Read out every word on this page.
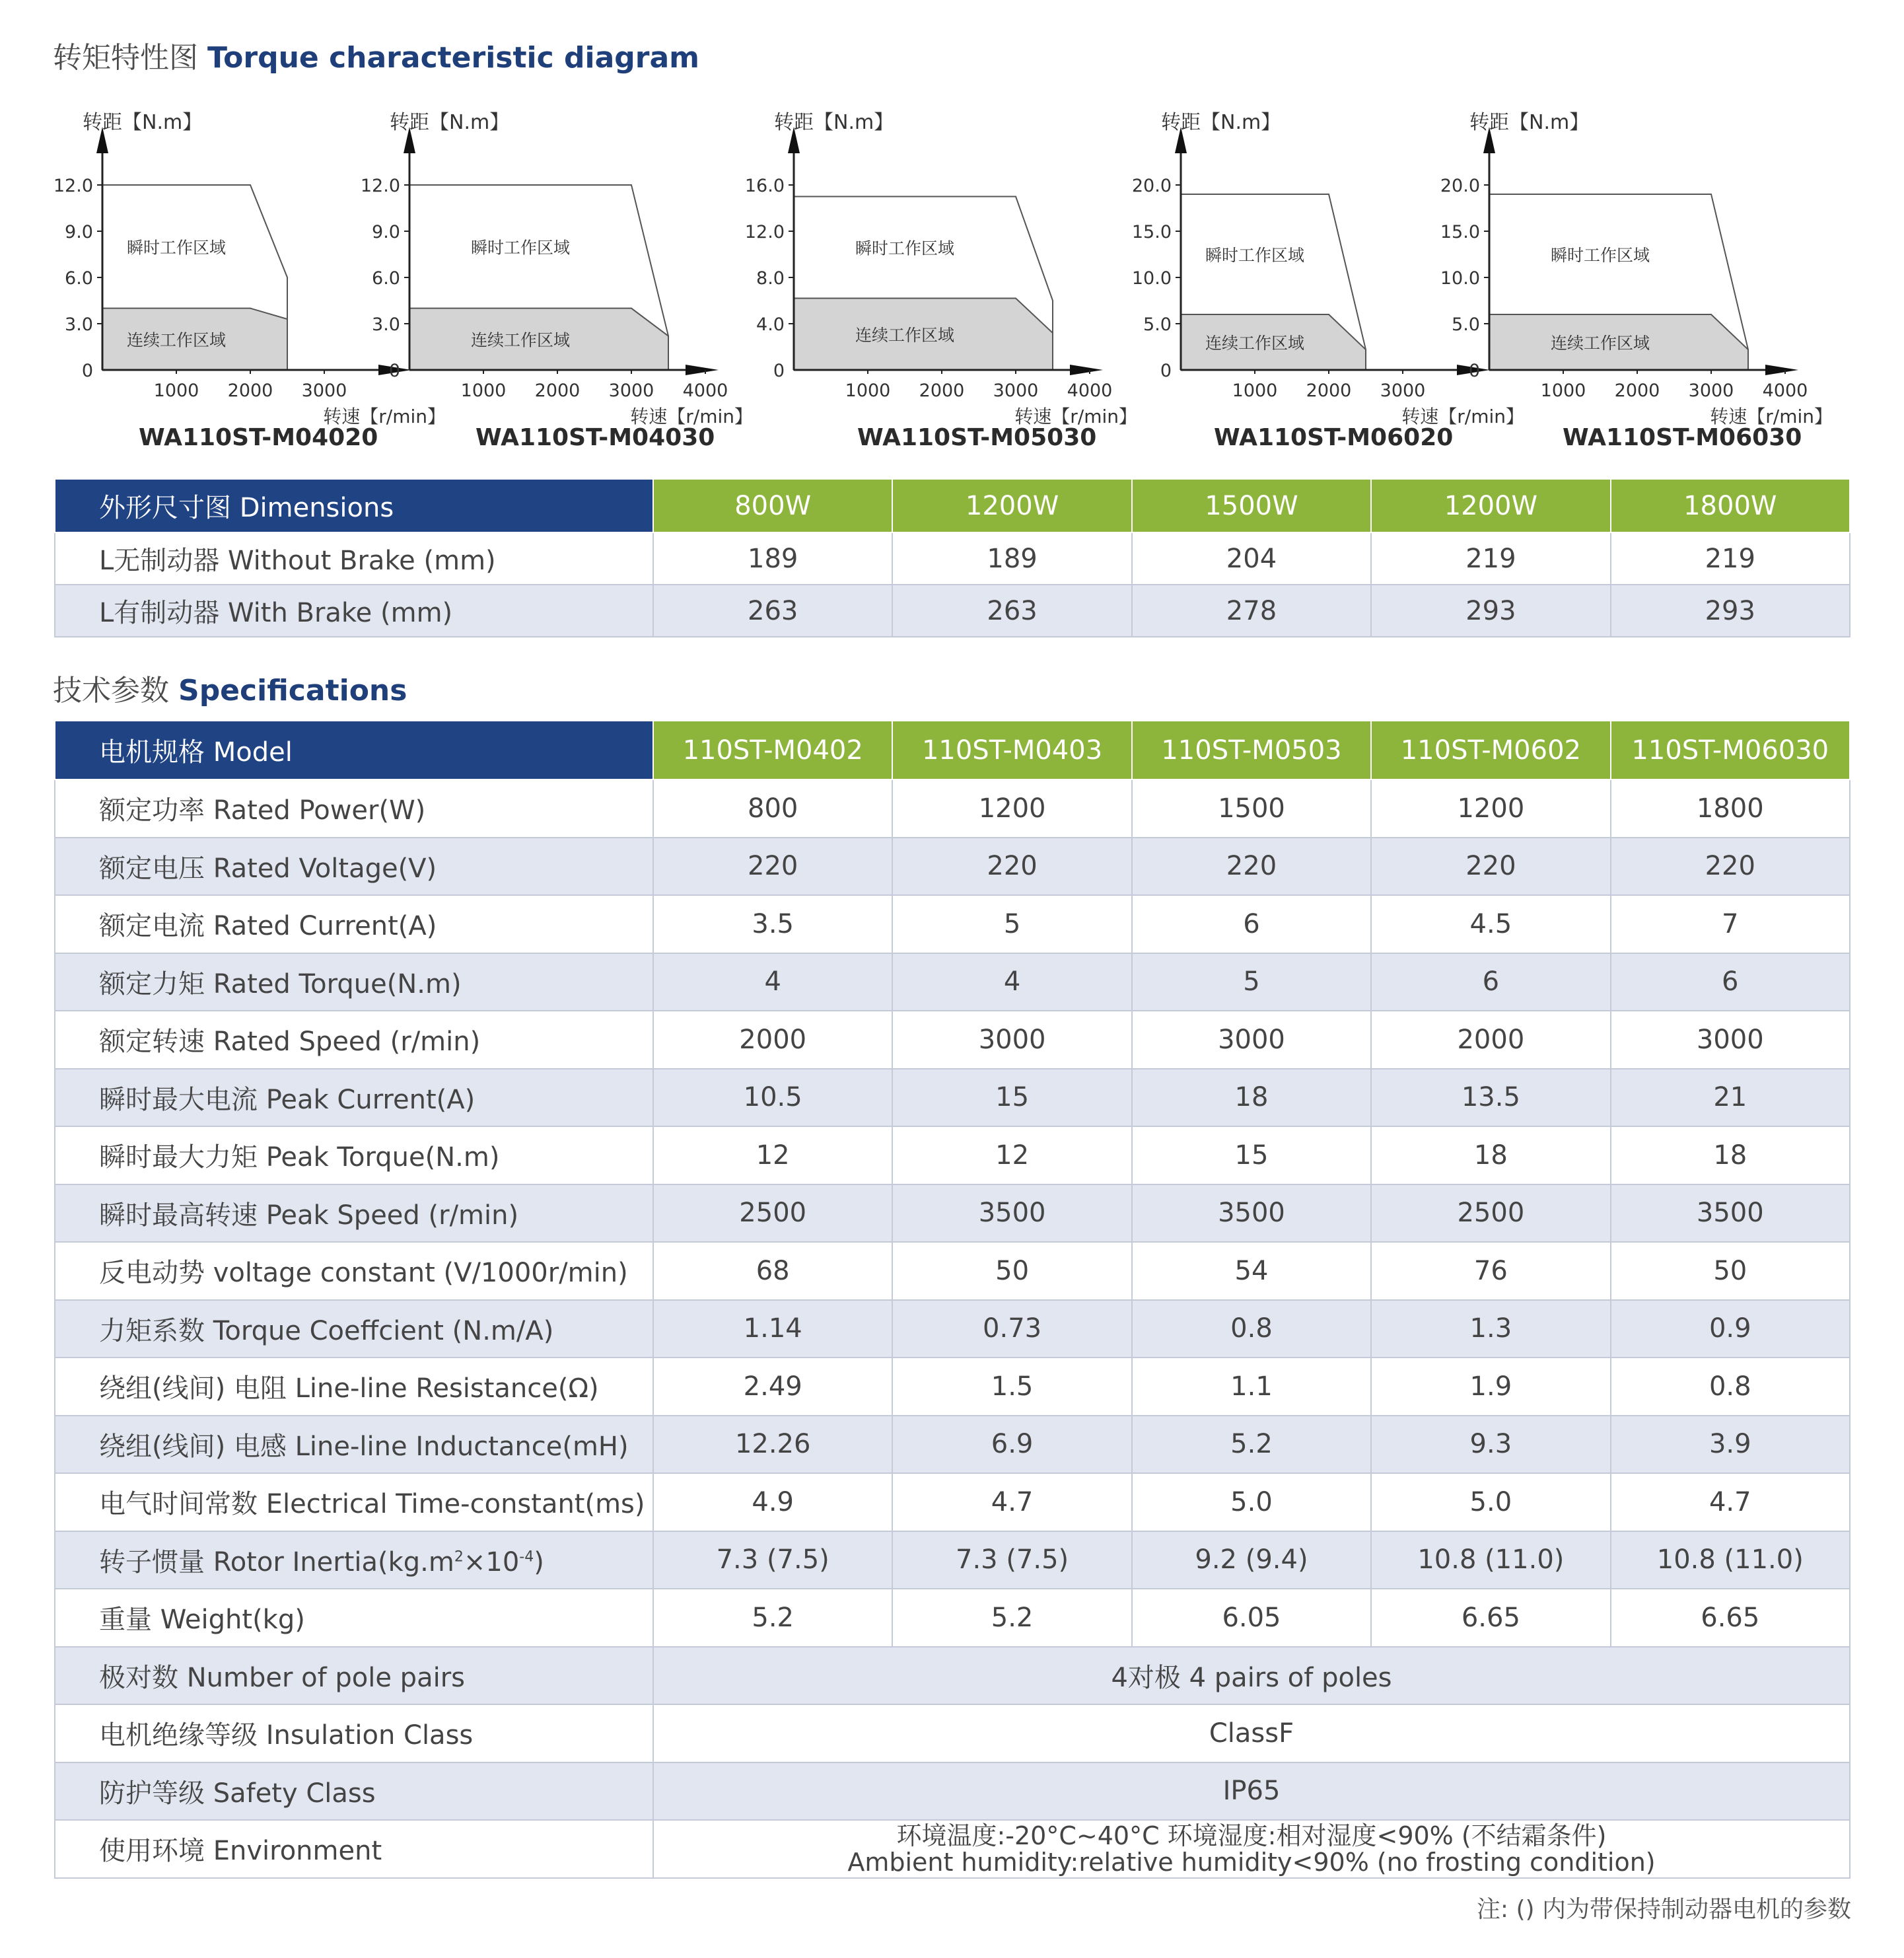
转矩特性图 Torque characteristic diagram
0
3.0
6.0
9.0
12.0
1000 2000 3000
转距【N.m】
转速【r/min】
瞬时工作区域
连续工作区域
WA110ST-M04020
0
3.0
6.0
9.0
12.0
1000 2000 3000 4000
转距【N.m】
转速【r/min】
瞬时工作区域
连续工作区域
WA110ST-M04030
0
4.0
8.0
12.0
16.0
1000 2000 3000 4000
转距【N.m】
转速【r/min】
瞬时工作区域
连续工作区域
WA110ST-M05030
0
5.0
10.0
15.0
20.0
1000 2000 3000
转距【N.m】
转速【r/min】
瞬时工作区域
连续工作区域
WA110ST-M06020
0
5.0
10.0
15.0
20.0
1000 2000 3000 4000
转距【N.m】
转速【r/min】
瞬时工作区域
连续工作区域
WA110ST-M06030
外形尺寸图 Dimensions	800W	1200W	1500W	1200W	1800W
L无制动器 Without Brake (mm)	189	189	204	219	219
L有制动器 With Brake (mm)	263	263	278	293	293
技术参数 Specifications
电机规格 Model	110ST-M0402	110ST-M0403	110ST-M0503	110ST-M0602	110ST-M06030
额定功率 Rated Power(W)	800	1200	1500	1200	1800
额定电压 Rated Voltage(V)	220	220	220	220	220
额定电流 Rated Current(A)	3.5	5	6	4.5	7
额定力矩 Rated Torque(N.m)	4	4	5	6	6
额定转速 Rated Speed (r/min)	2000	3000	3000	2000	3000
瞬时最大电流 Peak Current(A)	10.5	15	18	13.5	21
瞬时最大力矩 Peak Torque(N.m)	12	12	15	18	18
瞬时最高转速 Peak Speed (r/min)	2500	3500	3500	2500	3500
反电动势 voltage constant (V/1000r/min)	68	50	54	76	50
力矩系数 Torque Coeffcient (N.m/A)	1.14	0.73	0.8	1.3	0.9
绕组(线间) 电阻 Line-line Resistance(Ω)	2.49	1.5	1.1	1.9	0.8
绕组(线间) 电感 Line-line Inductance(mH)	12.26	6.9	5.2	9.3	3.9
电气时间常数 Electrical Time-constant(ms)	4.9	4.7	5.0	5.0	4.7
转子惯量 Rotor $Inertia(kg.m^2\times 10^{-4})$	7.3 (7.5)	7.3 (7.5)	9.2 (9.4)	10.8 (11.0)	10.8 (11.0)
重量 Weight(kg)	5.2	5.2	6.05	6.65	6.65
极对数 Number of pole pairs	4对极 4 pairs of poles				
电机绝缘等级 Insulation Class	ClassF				
防护等级 Safety Class	IP65				
使用环境 Environment	环境温度:-20°C~40°C 环境湿度:相对湿度<90% (不结霜条件)
Ambient humidity:relative humidity<90% (no frosting condition)				
注: () 内为带保持制动器电机的参数
